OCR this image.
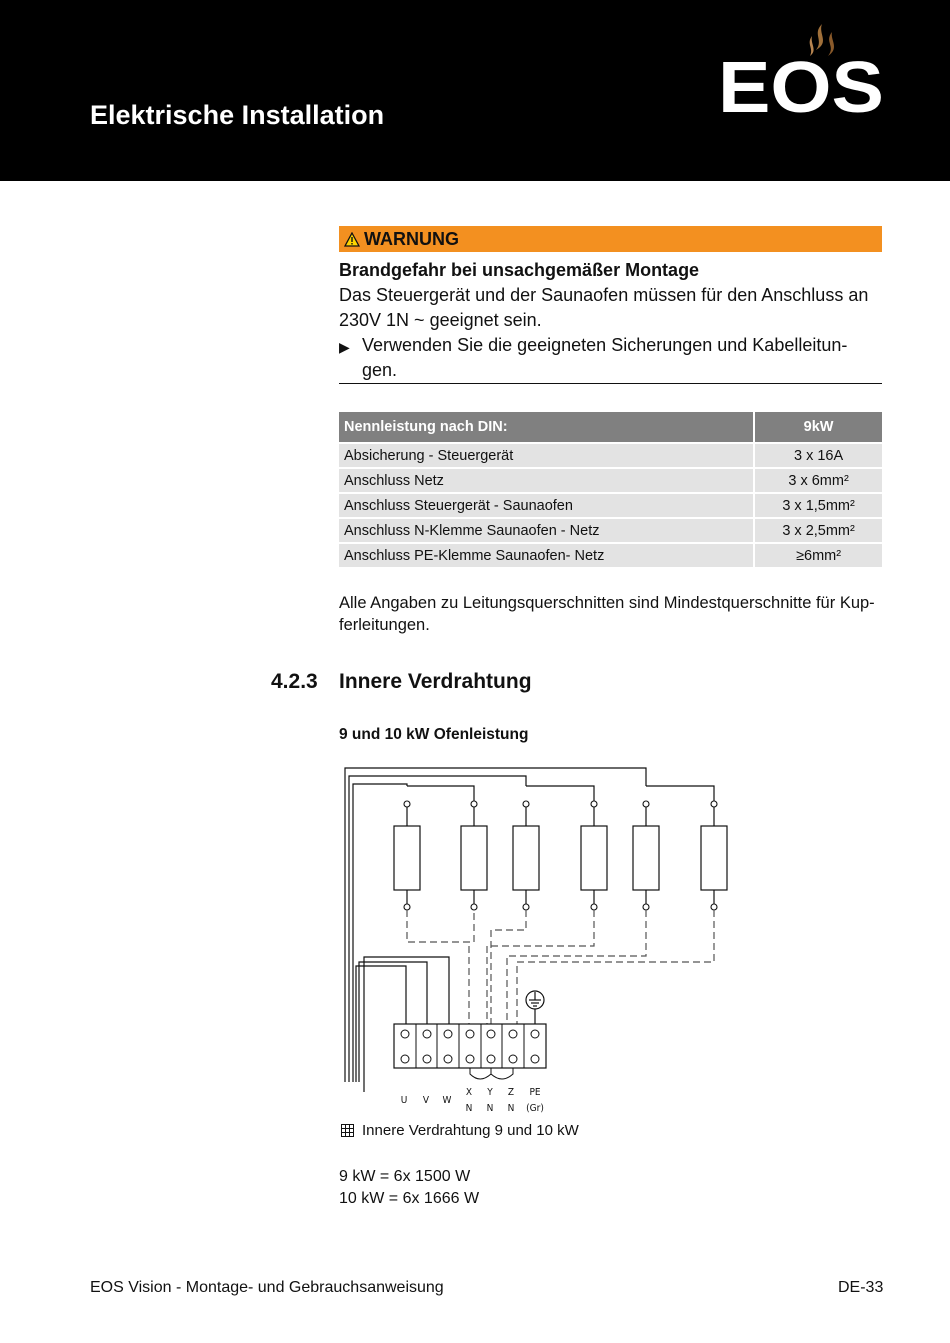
Elektrische Installation	EOS
WARNUNG
Brandgefahr bei unsachgemäßer Montage
Das Steuergerät und der Saunaofen müssen für den Anschluss an
230V 1N ~ geeignet sein.
▶ Verwenden Sie die geeigneten Sicherungen und Kabelleitun-
gen.
Nennleistung nach DIN:	9kW
Absicherung - Steuergerät	3 x 16A
Anschluss Netz	3 x 6mm²
Anschluss Steuergerät - Saunaofen	3 x 1,5mm²
Anschluss N-Klemme Saunaofen - Netz	3 x 2,5mm²
Anschluss PE-Klemme Saunaofen- Netz	≥6mm²
Alle Angaben zu Leitungsquerschnitten sind Mindestquerschnitte für Kup-
ferleitungen.
4.2.3 Innere Verdrahtung
9 und 10 kW Ofenleistung
U V W
X Y Z PE
N N N (Gr)
Innere Verdrahtung 9 und 10 kW
9 kW = 6x 1500 W
10 kW = 6x 1666 W
EOS Vision - Montage- und Gebrauchsanweisung	DE-33
